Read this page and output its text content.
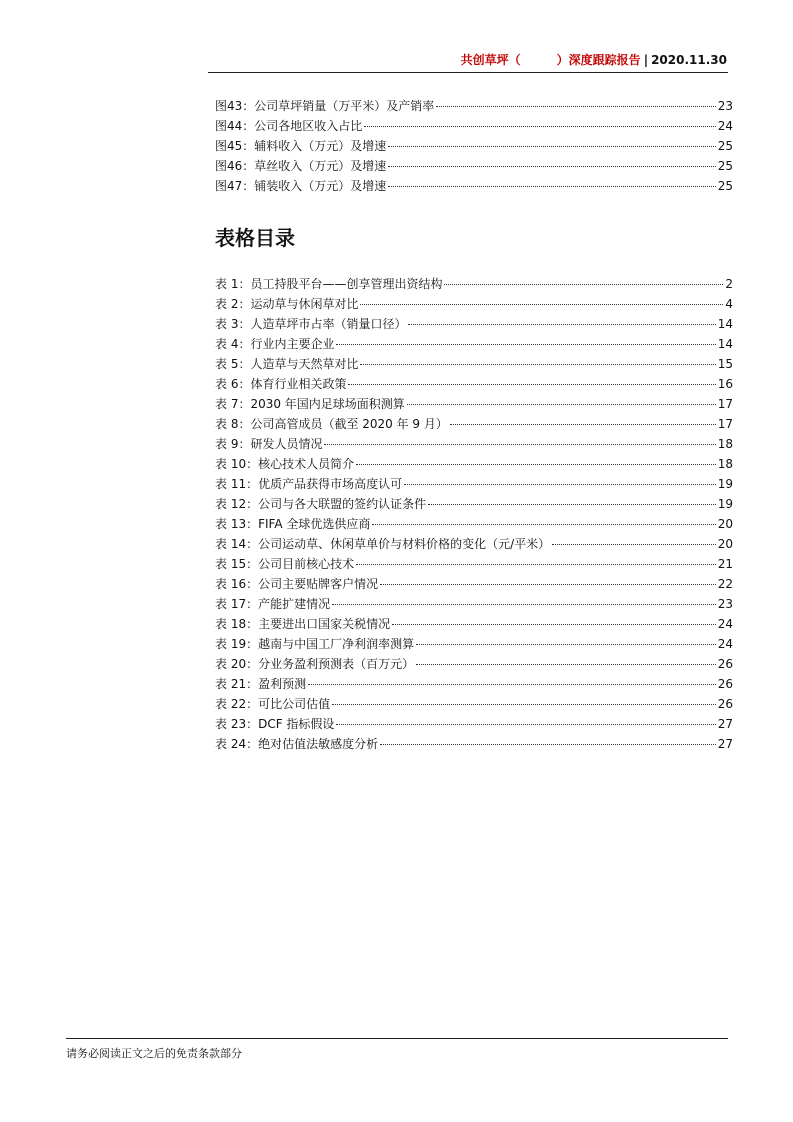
共创草坪（	）深度跟踪报告 | 2020.11.30
图43：公司草坪销量（万平米）及产销率	23
图44：公司各地区收入占比	24
图45：辅料收入（万元）及增速	25
图46：草丝收入（万元）及增速	25
图47：铺装收入（万元）及增速	25
表格目录
表 1：员工持股平台——创享管理出资结构	2
表 2：运动草与休闲草对比	4
表 3：人造草坪市占率（销量口径）	14
表 4：行业内主要企业	14
表 5：人造草与天然草对比	15
表 6：体育行业相关政策	16
表 7：2030 年国内足球场面积测算	17
表 8：公司高管成员（截至 2020 年 9 月）	17
表 9：研发人员情况	18
表 10：核心技术人员简介	18
表 11：优质产品获得市场高度认可	19
表 12：公司与各大联盟的签约认证条件	19
表 13：FIFA 全球优选供应商	20
表 14：公司运动草、休闲草单价与材料价格的变化（元/平米）	20
表 15：公司目前核心技术	21
表 16：公司主要贴牌客户情况	22
表 17：产能扩建情况	23
表 18：主要进出口国家关税情况	24
表 19：越南与中国工厂净利润率测算	24
表 20：分业务盈利预测表（百万元）	26
表 21：盈利预测	26
表 22：可比公司估值	26
表 23：DCF 指标假设	27
表 24：绝对估值法敏感度分析	27
请务必阅读正文之后的免责条款部分
